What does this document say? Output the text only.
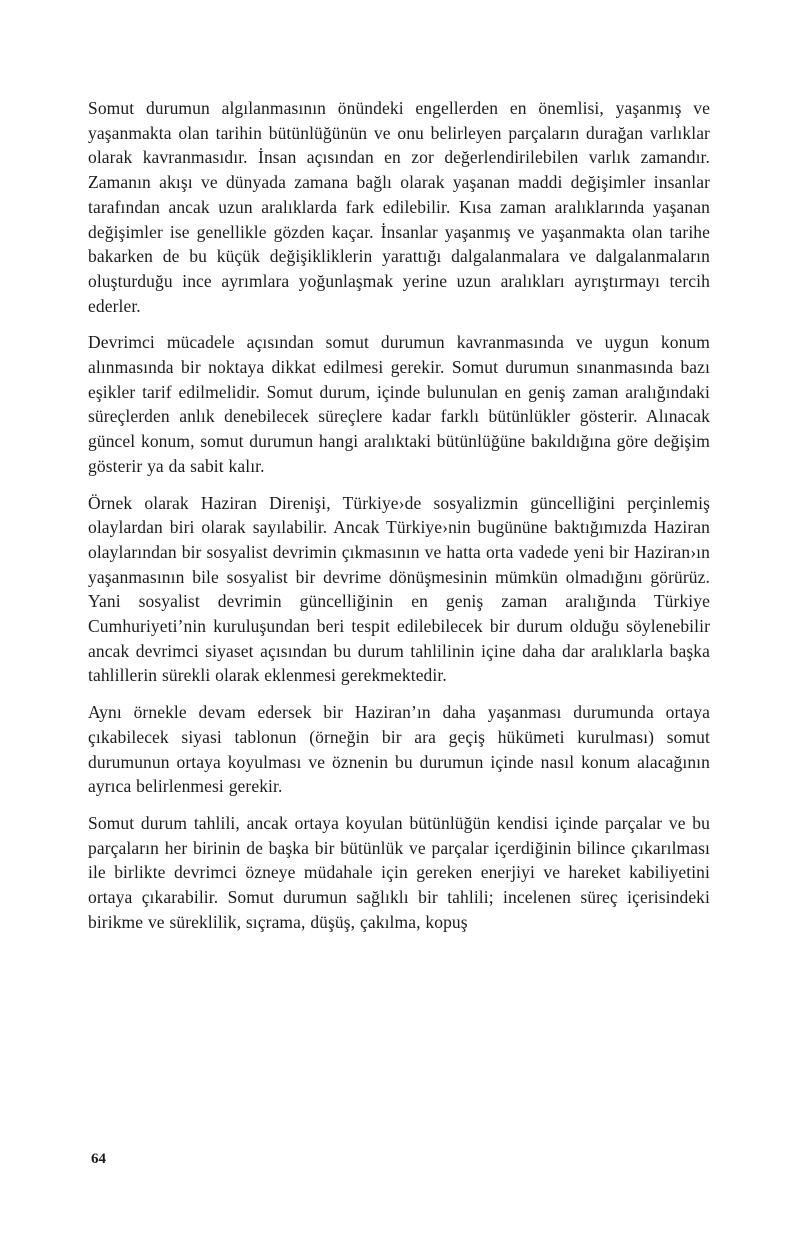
Somut durumun algılanmasının önündeki engellerden en önemlisi, yaşanmış ve yaşanmakta olan tarihin bütünlüğünün ve onu belirleyen parçaların durağan varlıklar olarak kavranmasıdır. İnsan açısından en zor değerlendirilebilen varlık zamandır. Zamanın akışı ve dünyada zamana bağlı olarak yaşanan maddi değişimler insanlar tarafından ancak uzun aralıklarda fark edilebilir. Kısa zaman aralıklarında yaşanan değişimler ise genellikle gözden kaçar. İnsanlar yaşanmış ve yaşanmakta olan tarihe bakarken de bu küçük değişikliklerin yarattığı dalgalanmalara ve dalgalanmaların oluşturduğu ince ayrımlara yoğunlaşmak yerine uzun aralıkları ayrıştırmayı tercih ederler.

Devrimci mücadele açısından somut durumun kavranmasında ve uygun konum alınmasında bir noktaya dikkat edilmesi gerekir. Somut durumun sınanmasında bazı eşikler tarif edilmelidir. Somut durum, içinde bulunulan en geniş zaman aralığındaki süreçlerden anlık denebilecek süreçlere kadar farklı bütünlükler gösterir. Alınacak güncel konum, somut durumun hangi aralıktaki bütünlüğüne bakıldığına göre değişim gösterir ya da sabit kalır.

Örnek olarak Haziran Direnişi, Türkiye›de sosyalizmin güncelliğini perçinlemiş olaylardan biri olarak sayılabilir. Ancak Türkiye›nin bugününe baktığımızda Haziran olaylarından bir sosyalist devrimin çıkmasının ve hatta orta vadede yeni bir Haziran›ın yaşanmasının bile sosyalist bir devrime dönüşmesinin mümkün olmadığını görürüz. Yani sosyalist devrimin güncelliğinin en geniş zaman aralığında Türkiye Cumhuriyeti’nin kuruluşundan beri tespit edilebilecek bir durum olduğu söylenebilir ancak devrimci siyaset açısından bu durum tahlilinin içine daha dar aralıklarla başka tahlillerin sürekli olarak eklenmesi gerekmektedir.

Aynı örnekle devam edersek bir Haziran’ın daha yaşanması durumunda ortaya çıkabilecek siyasi tablonun (örneğin bir ara geçiş hükümeti kurulması) somut durumunun ortaya koyulması ve öznenin bu durumun içinde nasıl konum alacağının ayrıca belirlenmesi gerekir.

Somut durum tahlili, ancak ortaya koyulan bütünlüğün kendisi içinde parçalar ve bu parçaların her birinin de başka bir bütünlük ve parçalar içerdiğinin bilince çıkarılması ile birlikte devrimci özneye müdahale için gereken enerjiyi ve hareket kabiliyetini ortaya çıkarabilir. Somut durumun sağlıklı bir tahlili; incelenen süreç içerisindeki birikme ve süreklilik, sıçrama, düşüş, çakılma, kopuş

64
